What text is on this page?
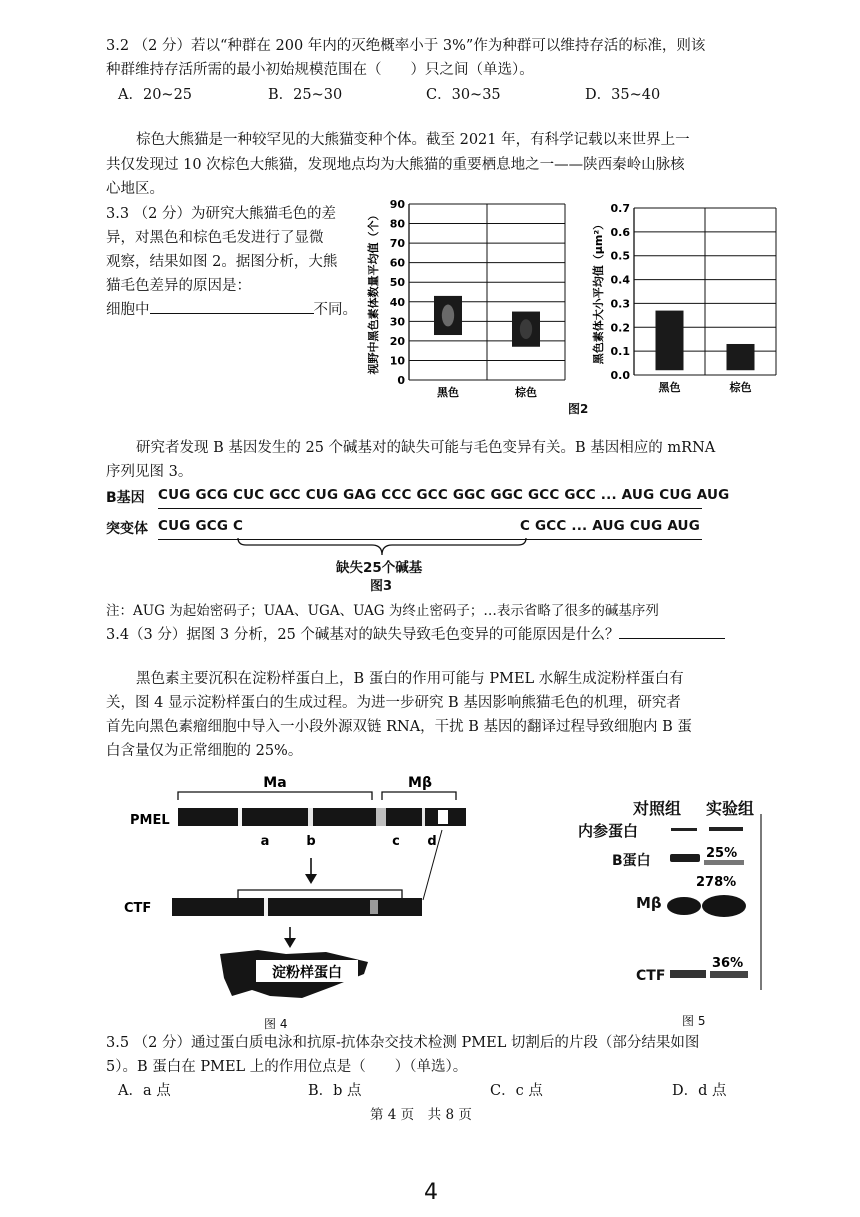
3.2 （2 分）若以“种群在 200 年内的灭绝概率小于 3%”作为种群可以维持存活的标准，则该
种群维持存活所需的最小初始规模范围在（　　）只之间（单选）。
A．20~25	B．25~30	C．30~35	D．35~40
棕色大熊猫是一种较罕见的大熊猫变种个体。截至 2021 年，有科学记载以来世界上一
共仅发现过 10 次棕色大熊猫，发现地点均为大熊猫的重要栖息地之一——陕西秦岭山脉核
心地区。
3.3 （2 分）为研究大熊猫毛色的差
异，对黑色和棕色毛发进行了显微
观察，结果如图 2。据图分析，大熊
猫毛色差异的原因是：
细胞中	不同。 视野中黑色素体数量平均值（个）
0
10
20
30
40
50
60
70
80
90
黑色	棕色
黑色素体大小平均值（μm²）
0.0
0.1
0.2
0.3
0.4
0.5
0.6
0.7
黑色	棕色
图2
研究者发现 B 基因发生的 25 个碱基对的缺失可能与毛色变异有关。B 基因相应的 mRNA
序列见图 3。
B基因 CUG GCG CUC GCC CUG GAG CCC GCC GGC GGC GCC GCC ... AUG CUG AUG
突变体 CUG GCG C	C GCC ... AUG CUG AUG
缺失25个碱基
图3
注：AUG 为起始密码子；UAA、UGA、UAG 为终止密码子；…表示省略了很多的碱基序列
3.4（3 分）据图 3 分析，25 个碱基对的缺失导致毛色变异的可能原因是什么？
黑色素主要沉积在淀粉样蛋白上，B 蛋白的作用可能与 PMEL 水解生成淀粉样蛋白有
关，图 4 显示淀粉样蛋白的生成过程。为进一步研究 B 基因影响熊猫毛色的机理，研究者
首先向黑色素瘤细胞中导入一小段外源双链 RNA，干扰 B 基因的翻译过程导致细胞内 B 蛋
白含量仅为正常细胞的 25%。
Ma	Mβ
PMEL
a	b	c d
CTF
淀粉样蛋白
图 4
对照组 实验组
内参蛋白
B蛋白
Mβ
CTF
25%
278%
36%
图 5
3.5 （2 分）通过蛋白质电泳和抗原-抗体杂交技术检测 PMEL 切割后的片段（部分结果如图
5）。B 蛋白在 PMEL 上的作用位点是（　　）（单选）。
A．a 点	B．b 点	C．c 点	D．d 点
第 4 页　共 8 页
4
